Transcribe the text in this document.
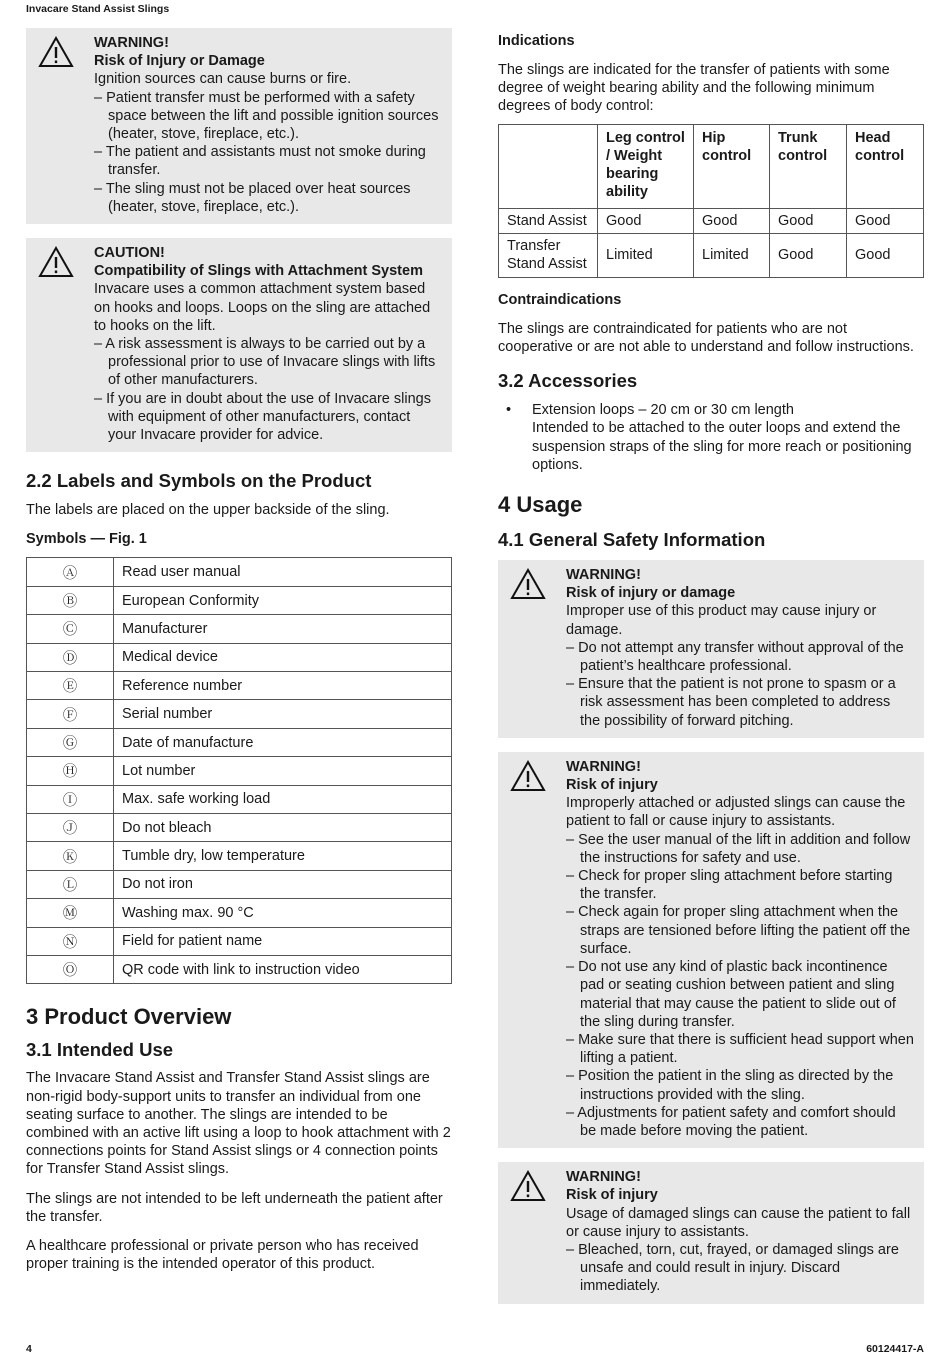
Invacare Stand Assist Slings
WARNING!
Risk of Injury or Damage
Ignition sources can cause burns or fire.
– Patient transfer must be performed with a safety space between the lift and possible ignition sources (heater, stove, fireplace, etc.).
– The patient and assistants must not smoke during transfer.
– The sling must not be placed over heat sources (heater, stove, fireplace, etc.).
CAUTION!
Compatibility of Slings with Attachment System
Invacare uses a common attachment system based on hooks and loops. Loops on the sling are attached to hooks on the lift.
– A risk assessment is always to be carried out by a professional prior to use of Invacare slings with lifts of other manufacturers.
– If you are in doubt about the use of Invacare slings with equipment of other manufacturers, contact your Invacare provider for advice.
2.2 Labels and Symbols on the Product

The labels are placed on the upper backside of the sling.

Symbols — Fig. 1
Ⓐ	Read user manual
Ⓑ	European Conformity
Ⓒ	Manufacturer
Ⓓ	Medical device
Ⓔ	Reference number
Ⓕ	Serial number
Ⓖ	Date of manufacture
Ⓗ	Lot number
Ⓘ	Max. safe working load
Ⓙ	Do not bleach
Ⓚ	Tumble dry, low temperature
Ⓛ	Do not iron
Ⓜ	Washing max. 90 °C
Ⓝ	Field for patient name
Ⓞ	QR code with link to instruction video
3 Product Overview
3.1 Intended Use

The Invacare Stand Assist and Transfer Stand Assist slings are non-rigid body-support units to transfer an individual from one seating surface to another. The slings are intended to be combined with an active lift using a loop to hook attachment with 2 connections points for Stand Assist slings or 4 connection points for Transfer Stand Assist slings.

The slings are not intended to be left underneath the patient after the transfer.

A healthcare professional or private person who has received proper training is the intended operator of this product.

Indications

The slings are indicated for the transfer of patients with some degree of weight bearing ability and the following minimum degrees of body control:

	Leg control / Weight bearing ability	Hip control	Trunk control	Head control
Stand Assist	Good	Good	Good	Good
Transfer Stand Assist	Limited	Limited	Good	Good
Contraindications

The slings are contraindicated for patients who are not cooperative or are not able to understand and follow instructions.

3.2 Accessories
• Extension loops – 20 cm or 30 cm length
Intended to be attached to the outer loops and extend the suspension straps of the sling for more reach or positioning options.
4 Usage
4.1 General Safety Information
WARNING!
Risk of injury or damage
Improper use of this product may cause injury or damage.
– Do not attempt any transfer without approval of the patient’s healthcare professional.
– Ensure that the patient is not prone to spasm or a risk assessment has been completed to address the possibility of forward pitching.
WARNING!
Risk of injury
Improperly attached or adjusted slings can cause the patient to fall or cause injury to assistants.
– See the user manual of the lift in addition and follow the instructions for safety and use.
– Check for proper sling attachment before starting the transfer.
– Check again for proper sling attachment when the straps are tensioned before lifting the patient off the surface.
– Do not use any kind of plastic back incontinence pad or seating cushion between patient and sling material that may cause the patient to slide out of the sling during transfer.
– Make sure that there is sufficient head support when lifting a patient.
– Position the patient in the sling as directed by the instructions provided with the sling.
– Adjustments for patient safety and comfort should be made before moving the patient.
WARNING!
Risk of injury
Usage of damaged slings can cause the patient to fall or cause injury to assistants.
– Bleached, torn, cut, frayed, or damaged slings are unsafe and could result in injury. Discard immediately.
4	60124417-A
